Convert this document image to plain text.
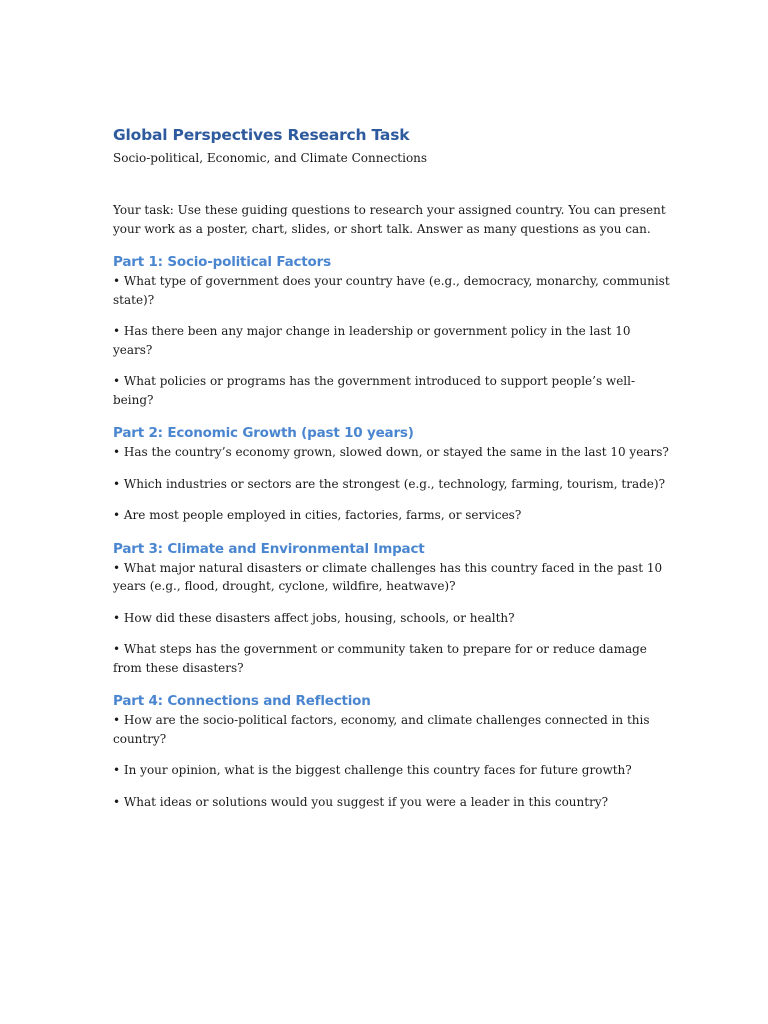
Global Perspectives Research Task

Socio-political, Economic, and Climate Connections

Your task: Use these guiding questions to research your assigned country. You can present your work as a poster, chart, slides, or short talk. Answer as many questions as you can.

Part 1: Socio-political Factors

• What type of government does your country have (e.g., democracy, monarchy, communist state)?

• Has there been any major change in leadership or government policy in the last 10 years?

• What policies or programs has the government introduced to support people’s well-being?

Part 2: Economic Growth (past 10 years)

• Has the country’s economy grown, slowed down, or stayed the same in the last 10 years?

• Which industries or sectors are the strongest (e.g., technology, farming, tourism, trade)?

• Are most people employed in cities, factories, farms, or services?

Part 3: Climate and Environmental Impact

• What major natural disasters or climate challenges has this country faced in the past 10 years (e.g., flood, drought, cyclone, wildfire, heatwave)?

• How did these disasters affect jobs, housing, schools, or health?

• What steps has the government or community taken to prepare for or reduce damage from these disasters?

Part 4: Connections and Reflection

• How are the socio-political factors, economy, and climate challenges connected in this country?

• In your opinion, what is the biggest challenge this country faces for future growth?

• What ideas or solutions would you suggest if you were a leader in this country?
